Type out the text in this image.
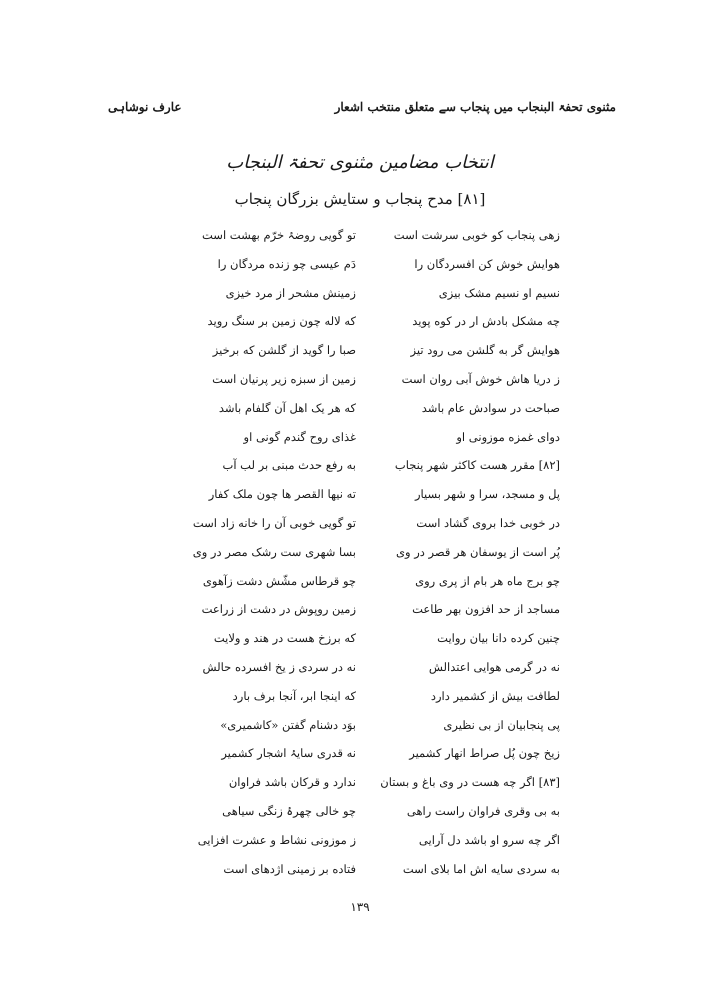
مثنوی تحفۃ البنجاب میں پنجاب سے متعلق منتخب اشعار
عارف نوشاہی
انتخاب مضامین مثنوی تحفۃ البنجاب
[۸۱] مدح پنجاب و ستایش بزرگان پنجاب
زهی پنجاب کو خوبی سرشت است
تو گویی روضۂ خرّم بهشت است
هوایش خوش کن افسردگان را
دَمِ عیسی چو زنده مردگان را
نسیم او نسیم مشک بیزی
زمینش مشحر از مرد خیزی
چه مشکل بادش ار در کوه پوید
که لاله چون زمین بر سنگ روید
هوایش گر به گلشن می رود تیز
صبا را گوید از گلشن که برخیز
ز دریا هاش خوش آبی روان است
زمین از سبزه زیر پرنیان است
صباحت در سوادش عام باشد
که هر یک اهل آن گلفام باشد
دوای غمزه موزونی او
غذای روح گندم گونی او
[۸۲] مقرر هست کاکثر شهر پنجاب
به رفع حدث مبنی بر لب آب
پل و مسجد، سرا و شهر بسیار
ته نیها القصر ها چون ملک کفار
در خوبی خدا بروی گشاد است
تو گویی خوبی آن را خانه زاد است
پُر است از یوسفان هر قصر در وی
بسا شهری ست رشک مصر در وی
چو برج ماه هر بام از پری روی
چو قرطاس مشّش دشت زآهوی
مساجد از حد افزون بهر طاعت
زمین روپوش در دشت از زراعت
چنین کرده دانا بیان روایت
که برزخ هست در هند و ولایت
نه در گرمی هوایی اعتدالش
نه در سردی ز یخ افسرده حالش
لطافت بیش از کشمیر دارد
که اینجا ابر، آنجا برف بارد
پی پنجابیان از بی نظیری
بوَد دشنام گفتن «کاشمیری»
زیخ چون پُل صراط انهار کشمیر
نه قدری سایۂ اشجار کشمیر
[۸۳] اگر چه هست در وی باغ و بستان
ندارد و قرکان باشد فراوان
به بی وقری فراوان راست راهی
چو خالی چهرۂ زنگی سیاهی
اگر چه سرو او باشد دل آرایی
ز موزونی نشاط و عشرت افزایی
به سردی سایه اش اما بلای است
فتاده بر زمینی اژدهای است
۱۳۹
